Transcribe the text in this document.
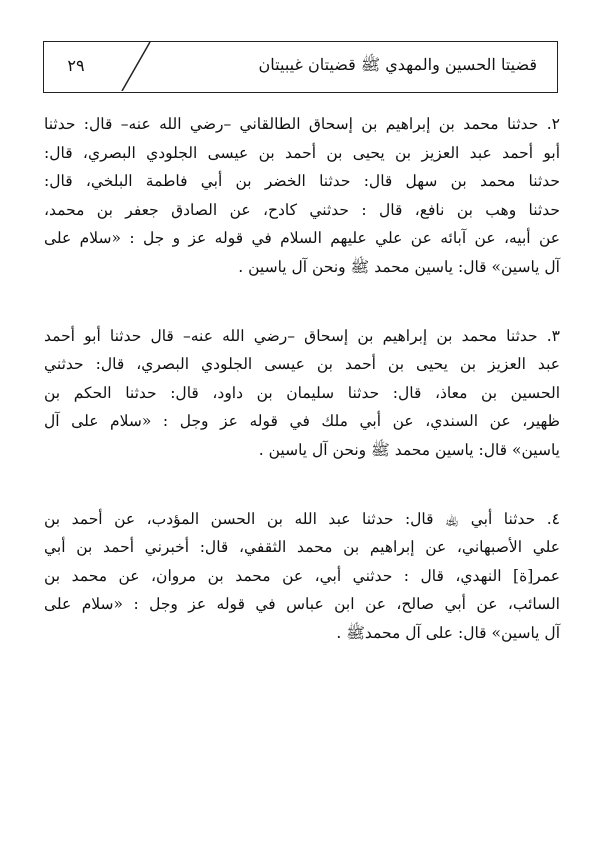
قضيتا الحسين والمهدي ﷺ قضيتان غيبيتان
٢٩
٢. حدثنا محمد بن إبراهيم بن إسحاق الطالقاني –رضي الله عنه– قال: حدثنا
أبو أحمد عبد العزيز بن يحيى بن أحمد بن عيسى الجلودي البصري، قال:
حدثنا محمد بن سهل قال: حدثنا الخضر بن أبي فاطمة البلخي، قال:
حدثنا وهب بن نافع، قال : حدثني كادح، عن الصادق جعفر بن محمد،
عن أبيه، عن آبائه عن علي عليهم السلام في قوله عز و جل : «سلام على
آل ياسين» قال: ياسين محمد ﷺ ونحن آل ياسين .
٣. حدثنا محمد بن إبراهيم بن إسحاق –رضي الله عنه– قال حدثنا أبو أحمد
عبد العزيز بن يحيى بن أحمد بن عيسى الجلودي البصري، قال: حدثني
الحسين بن معاذ، قال: حدثنا سليمان بن داود، قال: حدثنا الحكم بن
ظهير، عن السندي، عن أبي ملك في قوله عز وجل : «سلام على آل
ياسين» قال: ياسين محمد ﷺ ونحن آل ياسين .
٤. حدثنا أبي ﵀ قال: حدثنا عبد الله بن الحسن المؤدب، عن أحمد بن
علي الأصبهاني، عن إبراهيم بن محمد الثقفي، قال: أخبرني أحمد بن أبي
عمر[ة] النهدي، قال : حدثني أبي، عن محمد بن مروان، عن محمد بن
السائب، عن أبي صالح، عن ابن عباس في قوله عز وجل : «سلام على
آل ياسين» قال: على آل محمدﷺ .
